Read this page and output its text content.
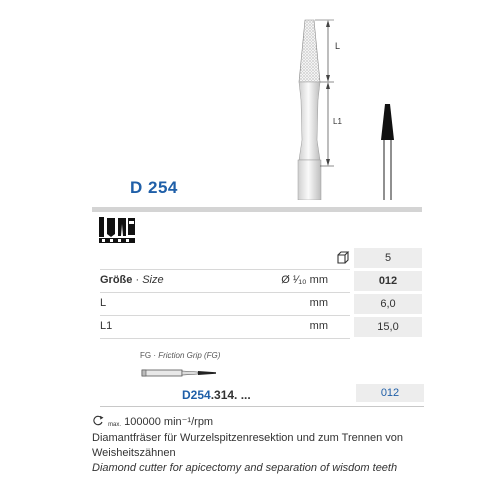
L
L1
D 254
5
Größe · Size	Ø ¹⁄₁₀ mm	012
L	mm	6,0
L1	mm	15,0
FG · Friction Grip (FG)
D254.314. ...	012
max. 100000 min⁻¹/rpm
Diamantfräser für Wurzelspitzenresektion und zum Trennen von Weisheitszähnen
Diamond cutter for apicectomy and separation of wisdom teeth
